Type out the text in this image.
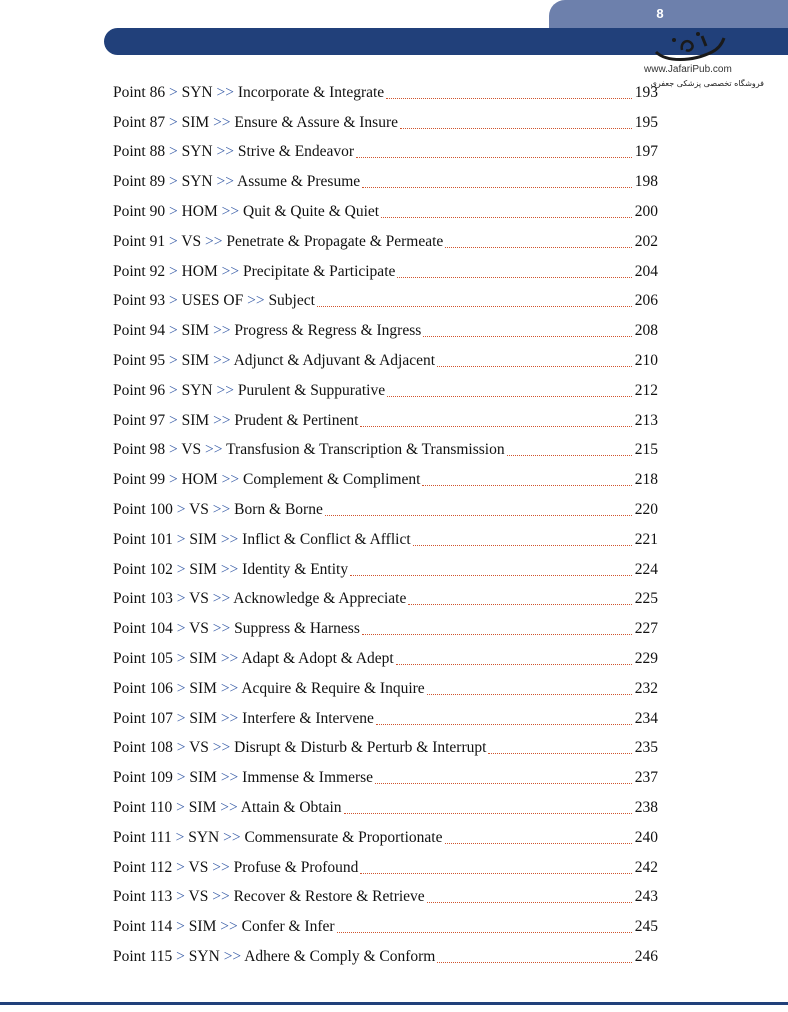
8
www.JafariPub.com
فروشگاه تخصصی پزشکی جعفری
Point 86 > SYN >> Incorporate & Integrate	193
Point 87 > SIM >> Ensure & Assure & Insure	195
Point 88 > SYN >> Strive & Endeavor	197
Point 89 > SYN >> Assume & Presume	198
Point 90 > HOM >> Quit & Quite & Quiet	200
Point 91 > VS >> Penetrate & Propagate & Permeate	202
Point 92 > HOM >> Precipitate & Participate	204
Point 93 > USES OF >> Subject	206
Point 94 > SIM >> Progress & Regress & Ingress	208
Point 95 > SIM >> Adjunct & Adjuvant & Adjacent	210
Point 96 > SYN >> Purulent & Suppurative	212
Point 97 > SIM >> Prudent & Pertinent	213
Point 98 > VS >> Transfusion & Transcription & Transmission	215
Point 99 > HOM >> Complement & Compliment	218
Point 100 > VS >> Born & Borne	220
Point 101 > SIM >> Inflict & Conflict & Afflict	221
Point 102 > SIM >> Identity & Entity	224
Point 103 > VS >> Acknowledge & Appreciate	225
Point 104 > VS >> Suppress & Harness	227
Point 105 > SIM >> Adapt & Adopt & Adept	229
Point 106 > SIM >> Acquire & Require & Inquire	232
Point 107 > SIM >> Interfere & Intervene	234
Point 108 > VS >> Disrupt & Disturb & Perturb & Interrupt	235
Point 109 > SIM >> Immense & Immerse	237
Point 110 > SIM >> Attain & Obtain	238
Point 111 > SYN >> Commensurate & Proportionate	240
Point 112 > VS >> Profuse & Profound	242
Point 113 > VS >> Recover & Restore & Retrieve	243
Point 114 > SIM >> Confer & Infer	245
Point 115 > SYN >> Adhere & Comply & Conform	246
